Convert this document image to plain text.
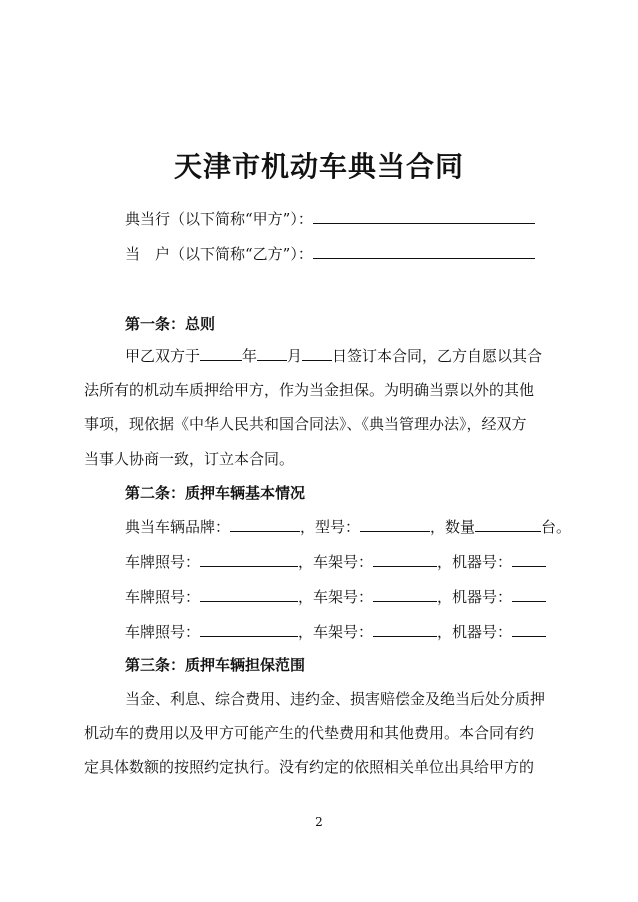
天津市机动车典当合同
典当行（以下简称“甲方”）：
当　户（以下简称“乙方”）：
第一条：总则
甲乙双方于	年 月 日签订本合同，乙方自愿以其合
法所有的机动车质押给甲方，作为当金担保。为明确当票以外的其他
事项，现依据《中华人民共和国合同法》、《典当管理办法》，经双方
当事人协商一致，订立本合同。
第二条：质押车辆基本情况
典当车辆品牌：	，型号：	，数量	台。
车牌照号：	，车架号：	，机器号：
车牌照号：	，车架号：	，机器号：
车牌照号：	，车架号：	，机器号：
第三条：质押车辆担保范围
当金、利息、综合费用、违约金、损害赔偿金及绝当后处分质押
机动车的费用以及甲方可能产生的代垫费用和其他费用。本合同有约
定具体数额的按照约定执行。没有约定的依照相关单位出具给甲方的
2
